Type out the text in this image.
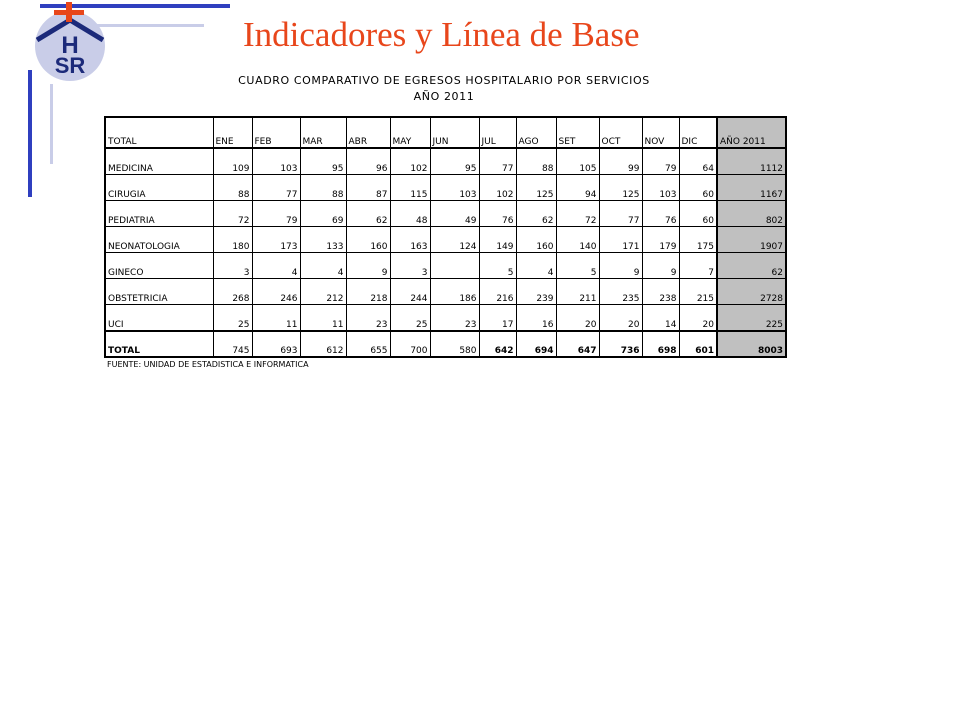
H
SR
Indicadores y Línea de Base
CUADRO COMPARATIVO DE EGRESOS HOSPITALARIO POR SERVICIOS
AÑO 2011
TOTAL	ENE	FEB	MAR	ABR	MAY	JUN	JUL	AGO	SET	OCT	NOV	DIC	AÑO 2011
MEDICINA	109	103	95	96	102	95	77	88	105	99	79	64	1112
CIRUGIA	88	77	88	87	115	103	102	125	94	125	103	60	1167
PEDIATRIA	72	79	69	62	48	49	76	62	72	77	76	60	802
NEONATOLOGIA	180	173	133	160	163	124	149	160	140	171	179	175	1907
GINECO	3	4	4	9	3		5	4	5	9	9	7	62
OBSTETRICIA	268	246	212	218	244	186	216	239	211	235	238	215	2728
UCI	25	11	11	23	25	23	17	16	20	20	14	20	225
TOTAL	745	693	612	655	700	580	642	694	647	736	698	601	8003
FUENTE: UNIDAD DE ESTADISTICA E INFORMATICA
